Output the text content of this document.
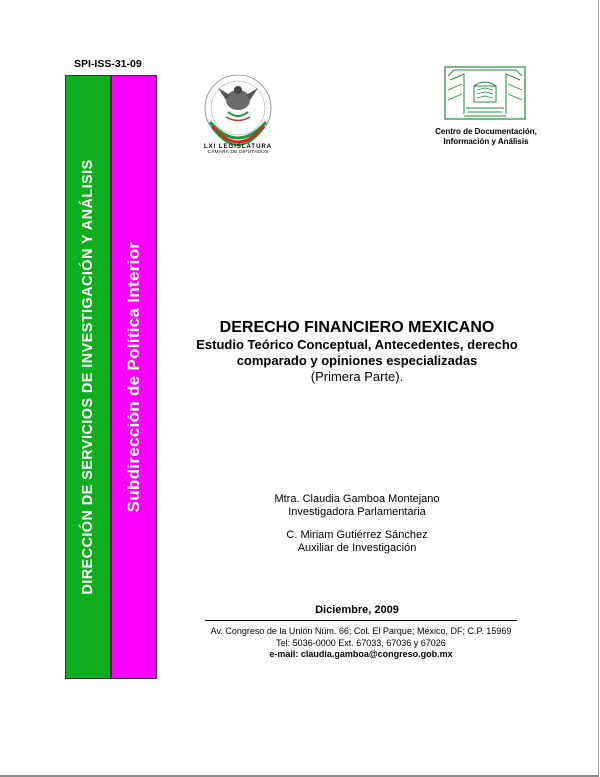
SPI-ISS-31-09
DIRECCIÓN DE SERVICIOS DE INVESTIGACIÓN Y ANÁLISIS Subdirección de Política Interior
LXI LEGISLATURA
CÁMARA DE DIPUTADOS
Centro de Documentación,
Información y Análisis
DERECHO FINANCIERO MEXICANO
Estudio Teórico Conceptual, Antecedentes, derecho
comparado y opiniones especializadas
(Primera Parte).
Mtra. Claudia Gamboa Montejano
Investigadora Parlamentaria
C. Miriam Gutiérrez Sánchez
Auxiliar de Investigación
Diciembre, 2009
Av. Congreso de la Unión Núm. 66; Col. El Parque; México, DF; C.P. 15969
Tel: 5036-0000 Ext. 67033, 67036 y 67026
e-mail: claudia.gamboa@congreso.gob.mx
